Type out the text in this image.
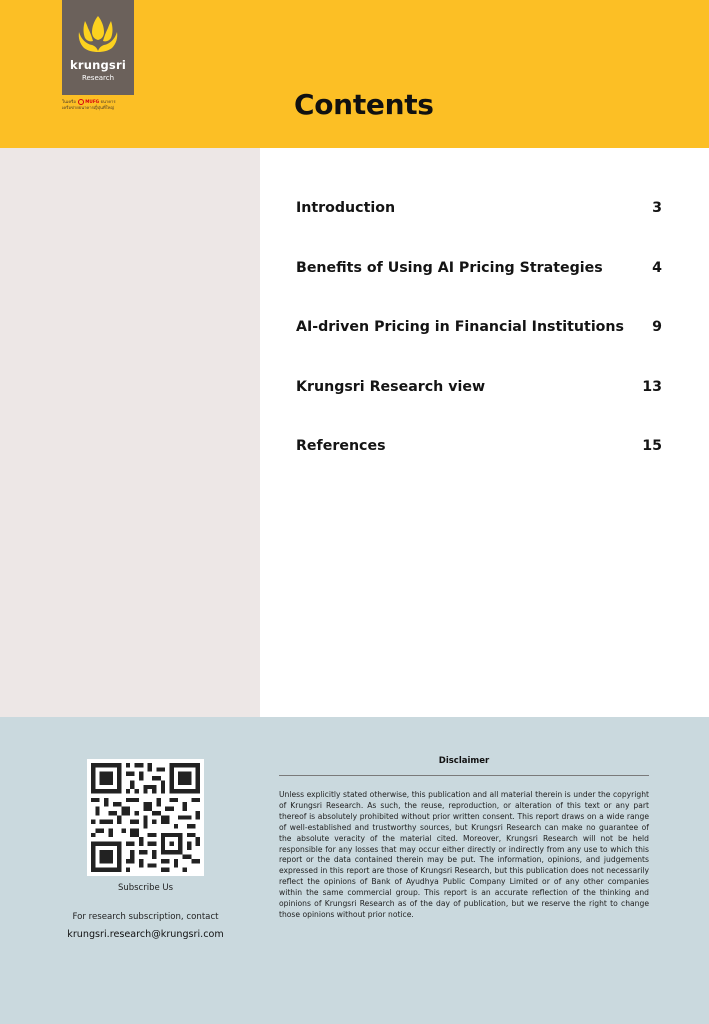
krungsri
Research
ในเครือ MUFG ธนาคาร
เครือข่ายธนาคารญี่ปุ่นที่ใหญ่	Contents
Introduction	3
Benefits of Using AI Pricing Strategies	4
AI-driven Pricing in Financial Institutions 9
Krungsri Research view	13
References	15
Subscribe Us
For research subscription, contact
krungsri.research@krungsri.com
Disclaimer
Unless explicitly stated otherwise, this publication and all material therein is under the copyright of Krungsri Research. As such, the reuse, reproduction, or alteration of this text or any part thereof is absolutely prohibited without prior written consent. This report draws on a wide range of well-established and trustworthy sources, but Krungsri Research can make no guarantee of the absolute veracity of the material cited. Moreover, Krungsri Research will not be held responsible for any losses that may occur either directly or indirectly from any use to which this report or the data contained therein may be put. The information, opinions, and judgements expressed in this report are those of Krungsri Research, but this publication does not necessarily reflect the opinions of Bank of Ayudhya Public Company Limited or of any other companies within the same commercial group. This report is an accurate reflection of the thinking and opinions of Krungsri Research as of the day of publication, but we reserve the right to change those opinions without prior notice.
